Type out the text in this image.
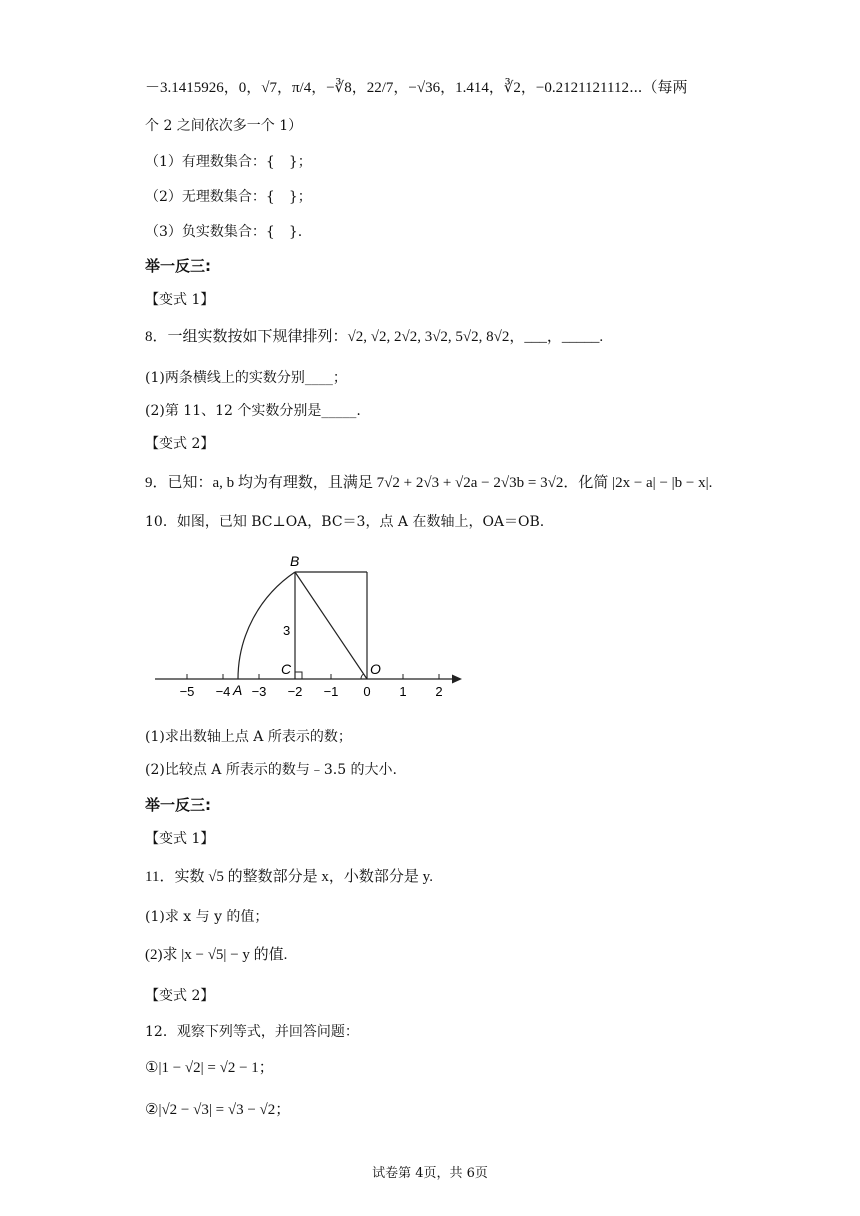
－3.1415926，0，√7，π/4，−∛8，22/7，−√36，1.414，∛2，−0.2121121112⋯（每两
个 2 之间依次多一个 1）
（1）有理数集合：{　}；
（2）无理数集合：{　}；
（3）负实数集合：{　}.
举一反三:
【变式 1】
8．一组实数按如下规律排列：√2, √2, 2√2, 3√2, 5√2, 8√2，___，_____.
(1)两条横线上的实数分别____；
(2)第 11、12 个实数分别是_____.
【变式 2】
9．已知：a, b 均为有理数，且满足 7√2 + 2√3 + √2a − 2√3b = 3√2．化简 |2x − a| − |b − x|.
10．如图，已知 BC⊥OA，BC＝3，点 A 在数轴上，OA＝OB.
−5 −4 −3 −2 −1 0 1 2
B
C	O
A
3
(1)求出数轴上点 A 所表示的数；
(2)比较点 A 所表示的数与﹣3.5 的大小.
举一反三:
【变式 1】
11．实数 √5 的整数部分是 x，小数部分是 y.
(1)求 x 与 y 的值；
(2)求 |x − √5| − y 的值.
【变式 2】
12．观察下列等式，并回答问题：
①|1 − √2| = √2 − 1；
②|√2 − √3| = √3 − √2；
试卷第 4页，共 6页
